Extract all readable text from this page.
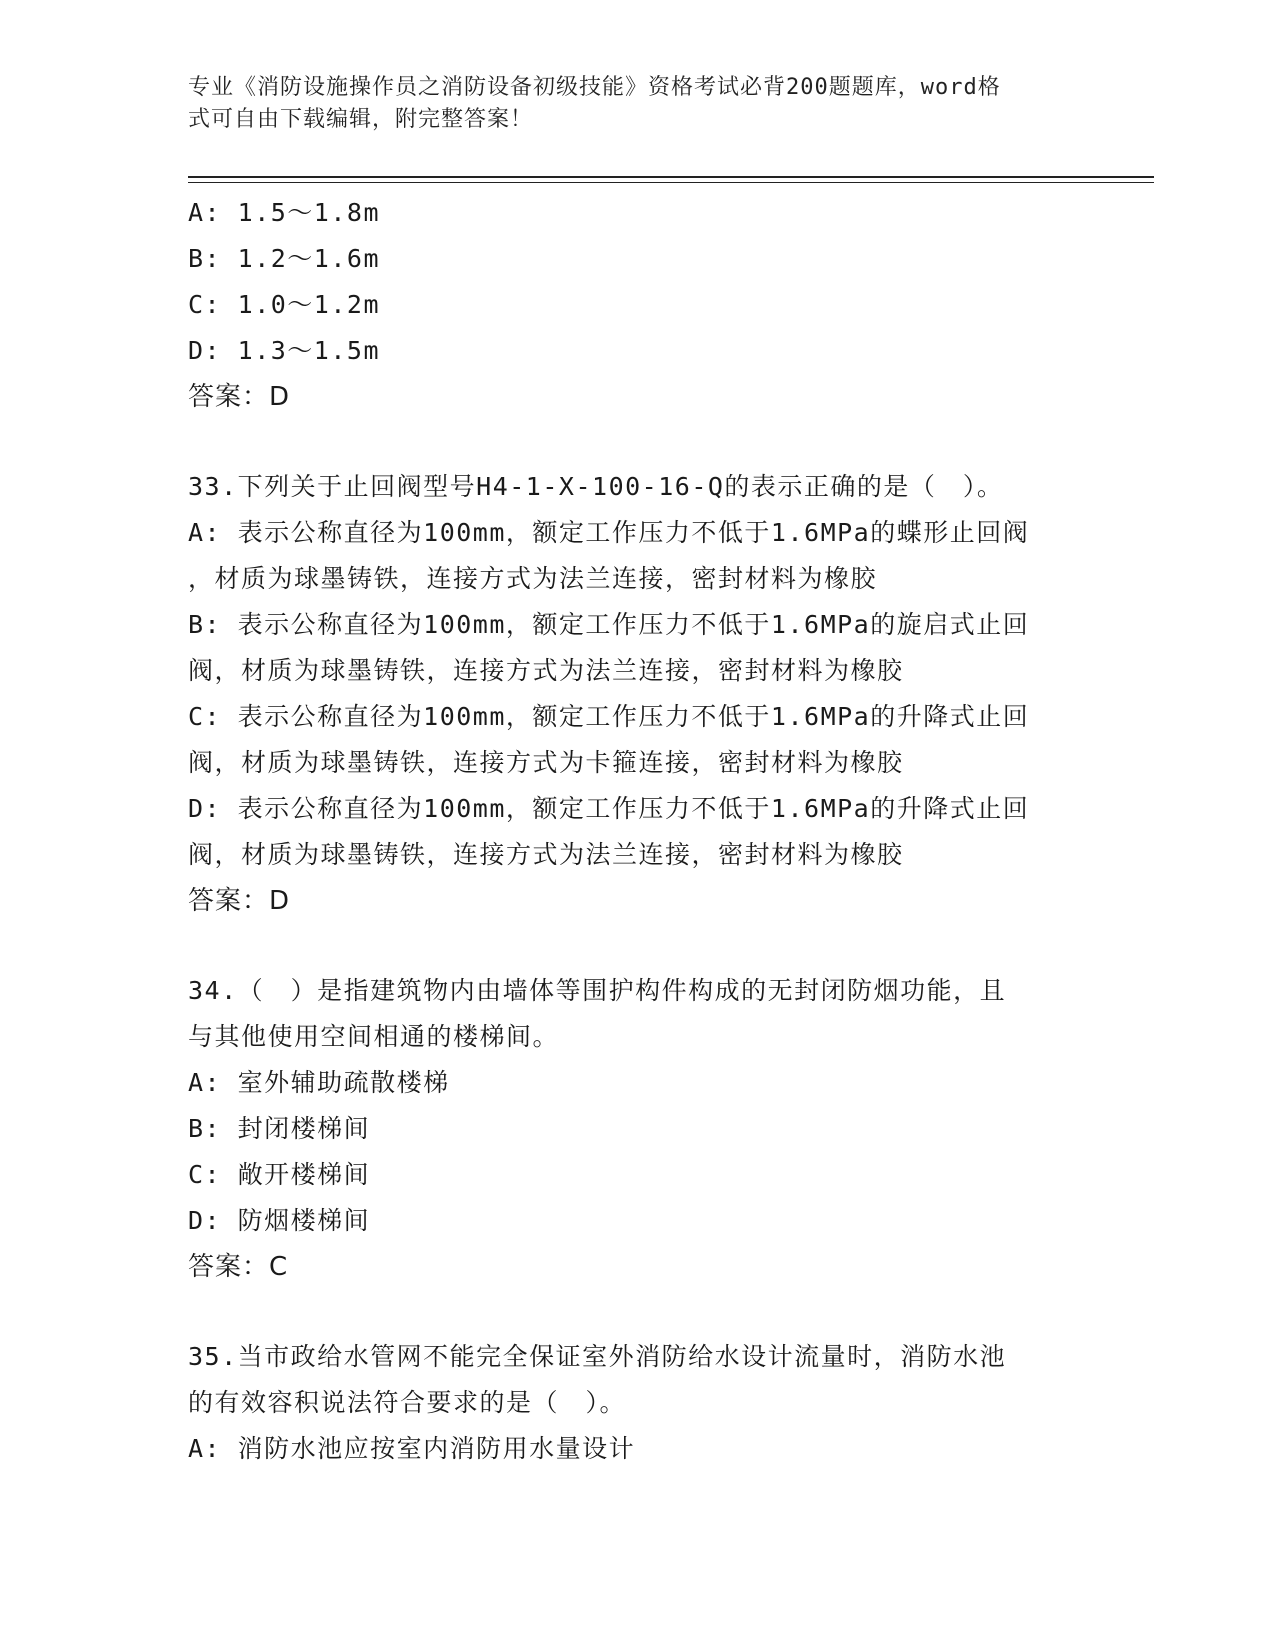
专业《消防设施操作员之消防设备初级技能》资格考试必背200题题库，word格
式可自由下载编辑，附完整答案！
A: 1.5～1.8m
B: 1.2～1.6m
C: 1.0～1.2m
D: 1.3～1.5m
答案：D
33.下列关于止回阀型号H4-1-X-100-16-Q的表示正确的是（　）。
A: 表示公称直径为100mm，额定工作压力不低于1.6MPa的蝶形止回阀
，材质为球墨铸铁，连接方式为法兰连接，密封材料为橡胶
B: 表示公称直径为100mm，额定工作压力不低于1.6MPa的旋启式止回
阀，材质为球墨铸铁，连接方式为法兰连接，密封材料为橡胶
C: 表示公称直径为100mm，额定工作压力不低于1.6MPa的升降式止回
阀，材质为球墨铸铁，连接方式为卡箍连接，密封材料为橡胶
D: 表示公称直径为100mm，额定工作压力不低于1.6MPa的升降式止回
阀，材质为球墨铸铁，连接方式为法兰连接，密封材料为橡胶
答案：D
34.（　）是指建筑物内由墙体等围护构件构成的无封闭防烟功能，且
与其他使用空间相通的楼梯间。
A: 室外辅助疏散楼梯
B: 封闭楼梯间
C: 敞开楼梯间
D: 防烟楼梯间
答案：C
35.当市政给水管网不能完全保证室外消防给水设计流量时，消防水池
的有效容积说法符合要求的是（　）。
A: 消防水池应按室内消防用水量设计
